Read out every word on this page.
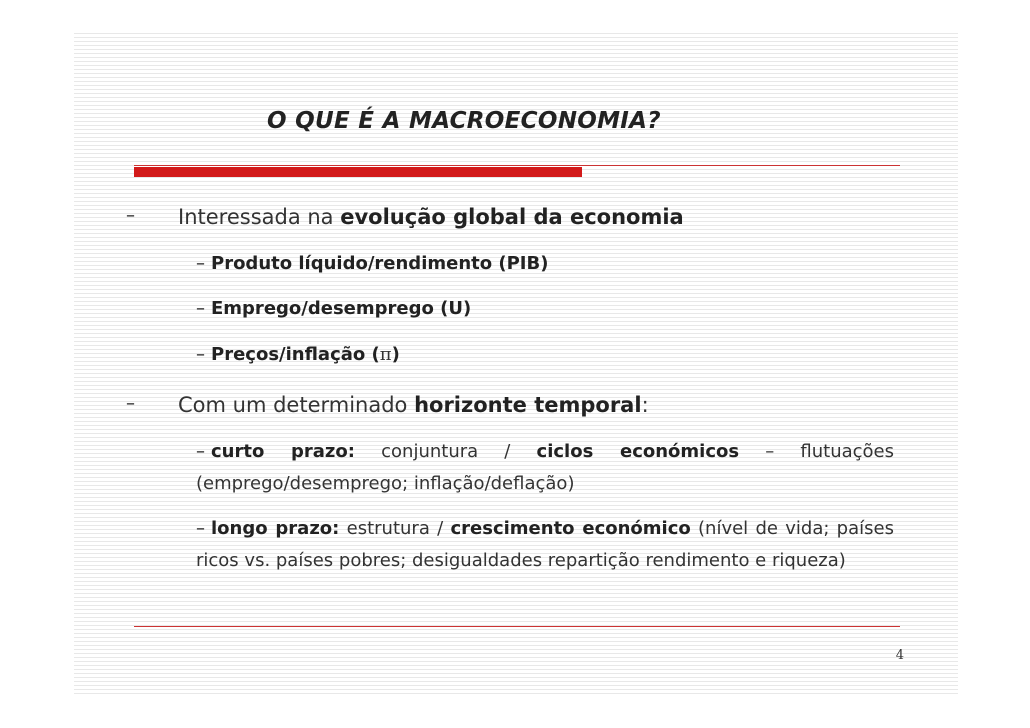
O QUE É A MACROECONOMIA?
– Interessada na evolução global da economia
– Produto líquido/rendimento (PIB)
– Emprego/desemprego (U)
– Preços/inflação (π)
– Com um determinado horizonte temporal:
– curto prazo: conjuntura / ciclos económicos – flutuações (emprego/desemprego; inflação/deflação)
– longo prazo: estrutura / crescimento económico (nível de vida; países ricos vs. países pobres; desigualdades repartição rendimento e riqueza)
4
